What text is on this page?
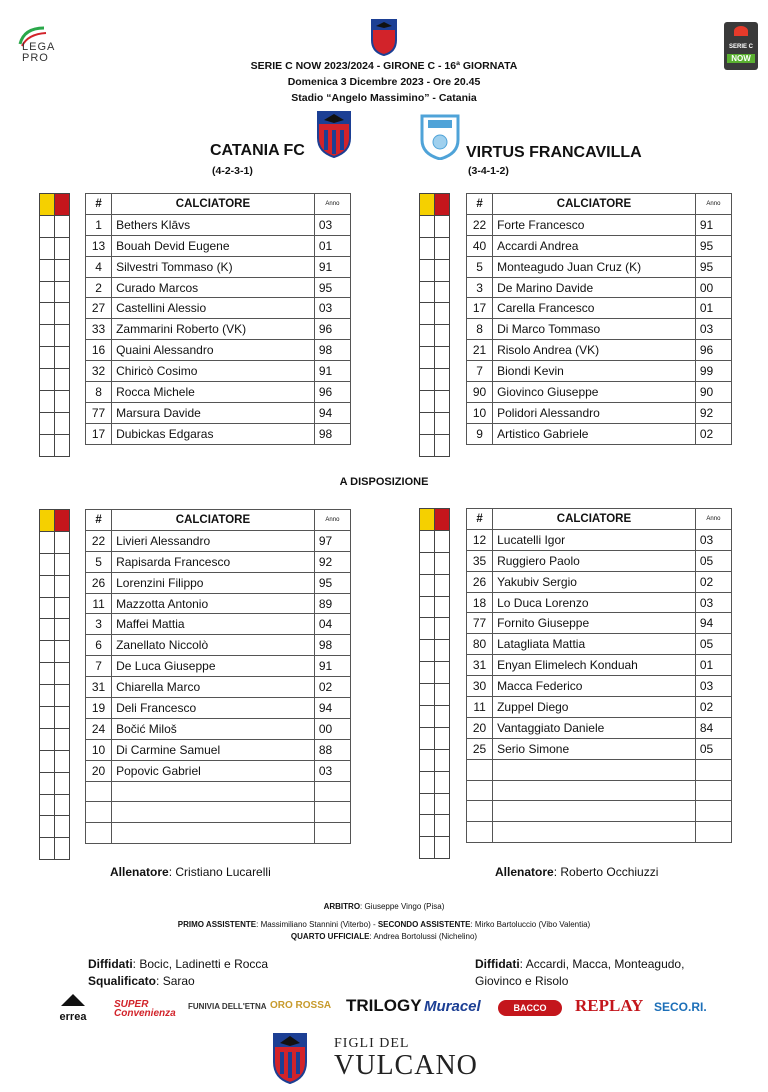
LEGA PRO
SERIE C
NOW
SERIE C NOW 2023/2024 - GIRONE C - 16ª GIORNATA
Domenica 3 Dicembre 2023 - Ore 20.45
Stadio “Angelo Massimino” - Catania
CATANIA FC
(4-2-3-1)
VIRTUS FRANCAVILLA
(3-4-1-2)

#	CALCIATORE	Anno
1	Bethers Klāvs	03
13	Bouah Devid Eugene	01
4	Silvestri Tommaso (K)	91
2	Curado Marcos	95
27	Castellini Alessio	03
33	Zammarini Roberto (VK)	96
16	Quaini Alessandro	98
32	Chiricò Cosimo	91
8	Rocca Michele	96
77	Marsura Davide	94
17	Dubickas Edgaras	98
#	CALCIATORE	Anno
22	Forte Francesco	91
40	Accardi Andrea	95
5	Monteagudo Juan Cruz (K)	95
3	De Marino Davide	00
17	Carella Francesco	01
8	Di Marco Tommaso	03
21	Risolo Andrea (VK)	96
7	Biondi Kevin	99
90	Giovinco Giuseppe	90
10	Polidori Alessandro	92
9	Artistico Gabriele	02
A DISPOSIZIONE

#	CALCIATORE	Anno
22	Livieri Alessandro	97
5	Rapisarda Francesco	92
26	Lorenzini Filippo	95
11	Mazzotta Antonio	89
3	Maffei Mattia	04
6	Zanellato Niccolò	98
7	De Luca Giuseppe	91
31	Chiarella Marco	02
19	Deli Francesco	94
24	Bočić Miloš	00
10	Di Carmine Samuel	88
20	Popovic Gabriel	03

#	CALCIATORE	Anno
12	Lucatelli Igor	03
35	Ruggiero Paolo	05
26	Yakubiv Sergio	02
18	Lo Duca Lorenzo	03
77	Fornito Giuseppe	94
80	Latagliata Mattia	05
31	Enyan Elimelech Konduah	01
30	Macca Federico	03
11	Zuppel Diego	02
20	Vantaggiato Daniele	84
25	Serio Simone	05

Allenatore: Cristiano Lucarelli	Allenatore: Roberto Occhiuzzi
ARBITRO: Giuseppe Vingo (Pisa)
PRIMO ASSISTENTE: Massimiliano Stannini (Viterbo) - SECONDO ASSISTENTE: Mirko Bartoluccio (Vibo Valentia)
QUARTO UFFICIALE: Andrea Bortolussi (Nichelino)
Diffidati: Bocic, Ladinetti e Rocca
Squalificato: Sarao
Diffidati: Accardi, Macca, Monteagudo,
Giovinco e Risolo
errea
SUPER Convenienza
FUNIVIA DELL'ETNA ORO ROSSA TRILOGY Muracel	BACCO	REPLAY SECO.RI.
FIGLI DEL
VULCANO
